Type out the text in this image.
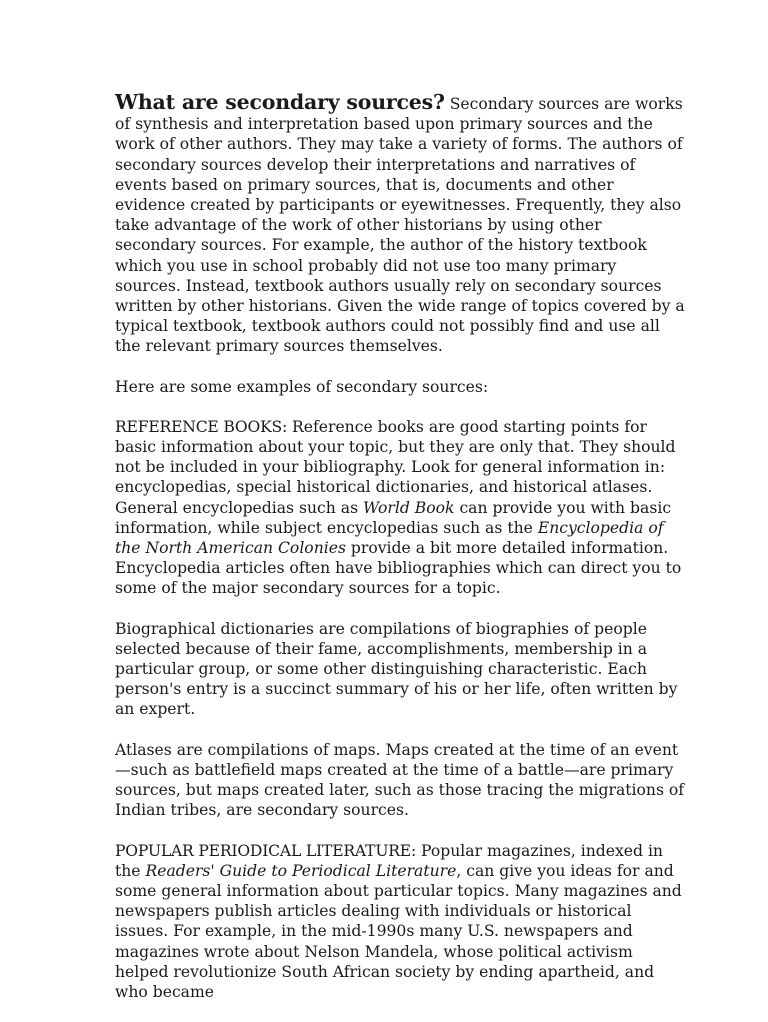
What are secondary sources? Secondary sources are works of synthesis and interpretation based upon primary sources and the work of other authors. They may take a variety of forms. The authors of secondary sources develop their interpretations and narratives of events based on primary sources, that is, documents and other evidence created by participants or eyewitnesses. Frequently, they also take advantage of the work of other historians by using other secondary sources. For example, the author of the history textbook which you use in school probably did not use too many primary sources. Instead, textbook authors usually rely on secondary sources written by other historians. Given the wide range of topics covered by a typical textbook, textbook authors could not possibly find and use all the relevant primary sources themselves.

Here are some examples of secondary sources:

REFERENCE BOOKS: Reference books are good starting points for basic information about your topic, but they are only that. They should not be included in your bibliography. Look for general information in: encyclopedias, special historical dictionaries, and historical atlases. General encyclopedias such as World Book can provide you with basic information, while subject encyclopedias such as the Encyclopedia of the North American Colonies provide a bit more detailed information. Encyclopedia articles often have bibliographies which can direct you to some of the major secondary sources for a topic.

Biographical dictionaries are compilations of biographies of people selected because of their fame, accomplishments, membership in a particular group, or some other distinguishing characteristic. Each person's entry is a succinct summary of his or her life, often written by an expert.

Atlases are compilations of maps. Maps created at the time of an event—such as battlefield maps created at the time of a battle—are primary sources, but maps created later, such as those tracing the migrations of Indian tribes, are secondary sources.

POPULAR PERIODICAL LITERATURE: Popular magazines, indexed in the Readers' Guide to Periodical Literature, can give you ideas for and some general information about particular topics. Many magazines and newspapers publish articles dealing with individuals or historical issues. For example, in the mid-1990s many U.S. newspapers and magazines wrote about Nelson Mandela, whose political activism helped revolutionize South African society by ending apartheid, and who became
